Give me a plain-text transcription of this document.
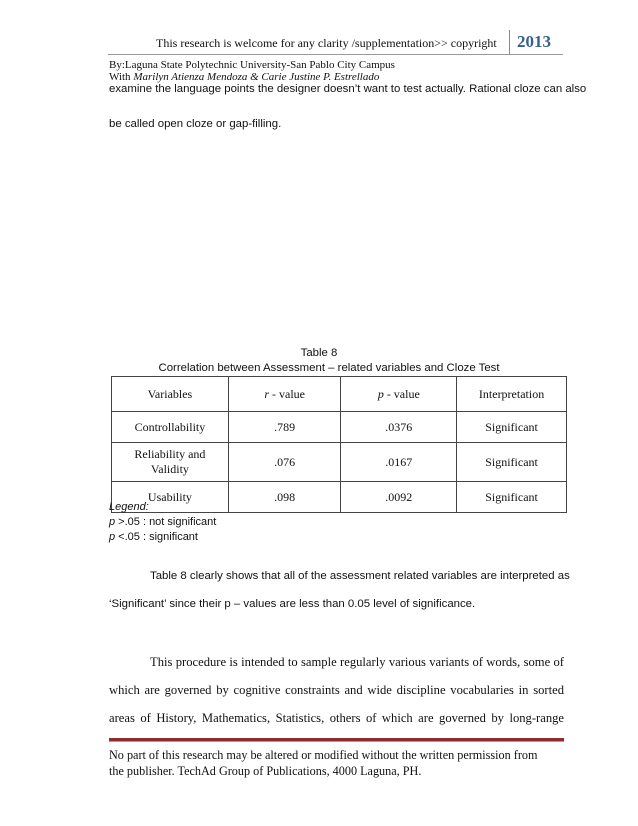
This research is welcome for any clarity /supplementation>> copyright	2013
By:Laguna State Polytechnic University-San Pablo City Campus
With Marilyn Atienza Mendoza & Carie Justine P. Estrellado
examine the language points the designer doesn’t want to test actually. Rational cloze can also
be called open cloze or gap-filling.
Table 8
Correlation between Assessment – related variables and Cloze Test
Variables	r - value	p - value	Interpretation
Controllability	.789	.0376	Significant
Reliability and
Validity	.076	.0167	Significant
Usability	.098	.0092	Significant
Legend:
p >.05 : not significant
p <.05 : significant
Table 8 clearly shows that all of the assessment related variables are interpreted as
‘Significant’ since their p – values are less than 0.05 level of significance.
This procedure is intended to sample regularly various variants of words, some of
which are governed by cognitive constraints and wide discipline vocabularies in sorted
areas of History, Mathematics, Statistics, others of which are governed by long-range
No part of this research may be altered or modified without the written permission from
the publisher. TechAd Group of Publications, 4000 Laguna, PH.
